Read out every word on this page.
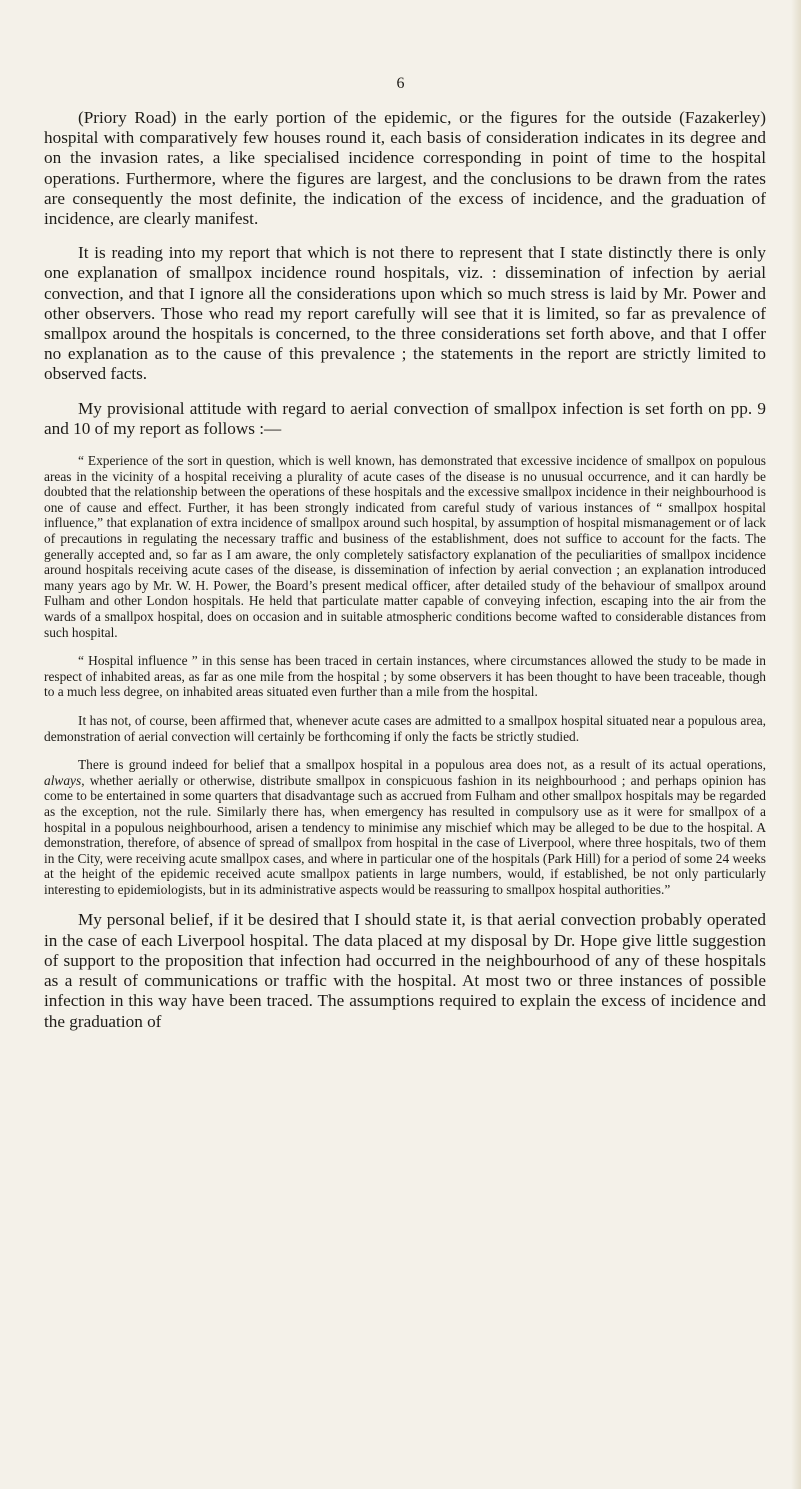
6

(Priory Road) in the early portion of the epidemic, or the figures for the outside (Fazakerley) hospital with comparatively few houses round it, each basis of consideration indicates in its degree and on the invasion rates, a like specialised incidence corresponding in point of time to the hospital operations. Furthermore, where the figures are largest, and the conclusions to be drawn from the rates are consequently the most definite, the indication of the excess of incidence, and the graduation of incidence, are clearly manifest.

It is reading into my report that which is not there to represent that I state distinctly there is only one explanation of smallpox incidence round hospitals, viz. : dissemination of infection by aerial convection, and that I ignore all the considerations upon which so much stress is laid by Mr. Power and other observers. Those who read my report carefully will see that it is limited, so far as prevalence of smallpox around the hospitals is concerned, to the three considerations set forth above, and that I offer no explanation as to the cause of this prevalence ; the statements in the report are strictly limited to observed facts.

My provisional attitude with regard to aerial convection of smallpox infection is set forth on pp. 9 and 10 of my report as follows :—

“ Experience of the sort in question, which is well known, has demonstrated that excessive incidence of smallpox on populous areas in the vicinity of a hospital receiving a plurality of acute cases of the disease is no unusual occurrence, and it can hardly be doubted that the relationship between the operations of these hospitals and the excessive smallpox incidence in their neighbourhood is one of cause and effect. Further, it has been strongly indicated from careful study of various instances of “ smallpox hospital influence,” that explanation of extra incidence of smallpox around such hospital, by assumption of hospital mismanagement or of lack of precautions in regulating the necessary traffic and business of the establishment, does not suffice to account for the facts. The generally accepted and, so far as I am aware, the only completely satisfactory explanation of the peculiarities of smallpox incidence around hospitals receiving acute cases of the disease, is dissemination of infection by aerial convection ; an explanation introduced many years ago by Mr. W. H. Power, the Board’s present medical officer, after detailed study of the behaviour of smallpox around Fulham and other London hospitals. He held that particulate matter capable of conveying infection, escaping into the air from the wards of a smallpox hospital, does on occasion and in suitable atmospheric conditions become wafted to considerable distances from such hospital.

“ Hospital influence ” in this sense has been traced in certain instances, where circumstances allowed the study to be made in respect of inhabited areas, as far as one mile from the hospital ; by some observers it has been thought to have been traceable, though to a much less degree, on inhabited areas situated even further than a mile from the hospital.

It has not, of course, been affirmed that, whenever acute cases are admitted to a smallpox hospital situated near a populous area, demonstration of aerial convection will certainly be forthcoming if only the facts be strictly studied.

There is ground indeed for belief that a smallpox hospital in a populous area does not, as a result of its actual operations, always, whether aerially or otherwise, distribute smallpox in conspicuous fashion in its neighbourhood ; and perhaps opinion has come to be entertained in some quarters that disadvantage such as accrued from Fulham and other smallpox hospitals may be regarded as the exception, not the rule. Similarly there has, when emergency has resulted in compulsory use as it were for smallpox of a hospital in a populous neighbourhood, arisen a tendency to minimise any mischief which may be alleged to be due to the hospital. A demonstration, therefore, of absence of spread of smallpox from hospital in the case of Liverpool, where three hospitals, two of them in the City, were receiving acute smallpox cases, and where in particular one of the hospitals (Park Hill) for a period of some 24 weeks at the height of the epidemic received acute smallpox patients in large numbers, would, if established, be not only particularly interesting to epidemiologists, but in its administrative aspects would be reassuring to smallpox hospital authorities.”

My personal belief, if it be desired that I should state it, is that aerial convection probably operated in the case of each Liverpool hospital. The data placed at my disposal by Dr. Hope give little suggestion of support to the proposition that infection had occurred in the neighbourhood of any of these hospitals as a result of communications or traffic with the hospital. At most two or three instances of possible infection in this way have been traced. The assumptions required to explain the excess of incidence and the graduation of
